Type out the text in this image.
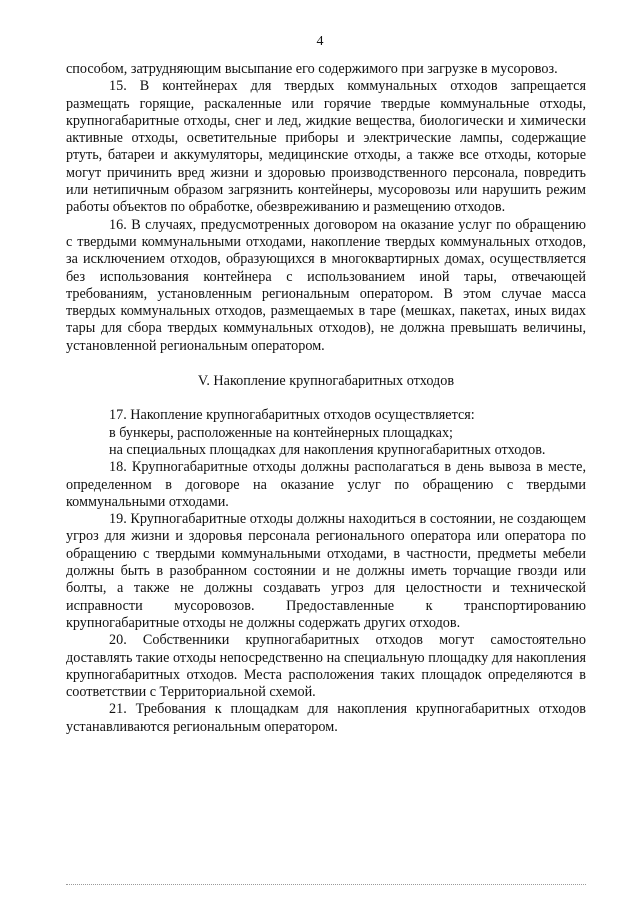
4

способом, затрудняющим высыпание его содержимого при загрузке в мусоровоз.

15. В контейнерах для твердых коммунальных отходов запрещается размещать горящие, раскаленные или горячие твердые коммунальные отходы, крупногабаритные отходы, снег и лед, жидкие вещества, биологически и химически активные отходы, осветительные приборы и электрические лампы, содержащие ртуть, батареи и аккумуляторы, медицинские отходы, а также все отходы, которые могут причинить вред жизни и здоровью производственного персонала, повредить или нетипичным образом загрязнить контейнеры, мусоровозы или нарушить режим работы объектов по обработке, обезвреживанию и размещению отходов.

16. В случаях, предусмотренных договором на оказание услуг по обращению с твердыми коммунальными отходами, накопление твердых коммунальных отходов, за исключением отходов, образующихся в многоквартирных домах, осуществляется без использования контейнера с использованием иной тары, отвечающей требованиям, установленным региональным оператором. В этом случае масса твердых коммунальных отходов, размещаемых в таре (мешках, пакетах, иных видах тары для сбора твердых коммунальных отходов), не должна превышать величины, установленной региональным оператором.

V. Накопление крупногабаритных отходов

17. Накопление крупногабаритных отходов осуществляется:

в бункеры, расположенные на контейнерных площадках;

на специальных площадках для накопления крупногабаритных отходов.

18. Крупногабаритные отходы должны располагаться в день вывоза в месте, определенном в договоре на оказание услуг по обращению с твердыми коммунальными отходами.

19. Крупногабаритные отходы должны находиться в состоянии, не создающем угроз для жизни и здоровья персонала регионального оператора или оператора по обращению с твердыми коммунальными отходами, в частности, предметы мебели должны быть в разобранном состоянии и не должны иметь торчащие гвозди или болты, а также не должны создавать угроз для целостности и технической исправности мусоровозов. Предоставленные к транспортированию крупногабаритные отходы не должны содержать других отходов.

20. Собственники крупногабаритных отходов могут самостоятельно доставлять такие отходы непосредственно на специальную площадку для накопления крупногабаритных отходов. Места расположения таких площадок определяются в соответствии с Территориальной схемой.

21. Требования к площадкам для накопления крупногабаритных отходов устанавливаются региональным оператором.
